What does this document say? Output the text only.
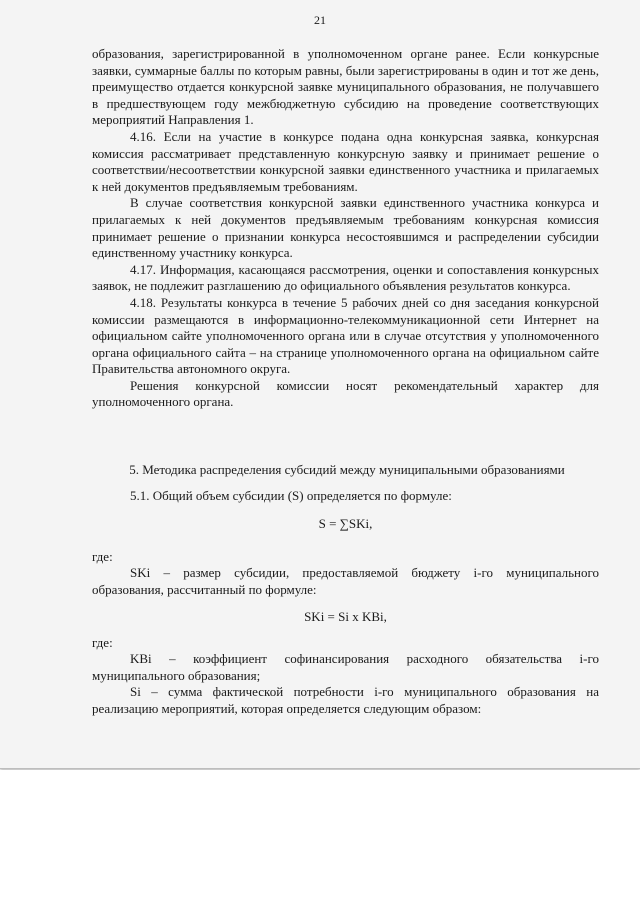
21

образования, зарегистрированной в уполномоченном органе ранее. Если конкурсные заявки, суммарные баллы по которым равны, были зарегистрированы в один и тот же день, преимущество отдается конкурсной заявке муниципального образования, не получавшего в предшествующем году межбюджетную субсидию на проведение соответствующих мероприятий Направления 1.

4.16. Если на участие в конкурсе подана одна конкурсная заявка, конкурсная комиссия рассматривает представленную конкурсную заявку и принимает решение о соответствии/несоответствии конкурсной заявки единственного участника и прилагаемых к ней документов предъявляемым требованиям.

В случае соответствия конкурсной заявки единственного участника конкурса и прилагаемых к ней документов предъявляемым требованиям конкурсная комиссия принимает решение о признании конкурса несостоявшимся и распределении субсидии единственному участнику конкурса.

4.17. Информация, касающаяся рассмотрения, оценки и сопоставления конкурсных заявок, не подлежит разглашению до официального объявления результатов конкурса.

4.18. Результаты конкурса в течение 5 рабочих дней со дня заседания конкурсной комиссии размещаются в информационно-телекоммуникационной сети Интернет на официальном сайте уполномоченного органа или в случае отсутствия у уполномоченного органа официального сайта – на странице уполномоченного органа на официальном сайте Правительства автономного округа.

Решения конкурсной комиссии носят рекомендательный характер для уполномоченного органа.

5. Методика распределения субсидий между муниципальными образованиями

5.1. Общий объем субсидии (S) определяется по формуле:

S = ∑SKi,
где:

SKi – размер субсидии, предоставляемой бюджету i-го муниципального образования, рассчитанный по формуле:

SKi = Si x KBi,
где:

KBi – коэффициент софинансирования расходного обязательства i-го муниципального образования;

Si – сумма фактической потребности i-го муниципального образования на реализацию мероприятий, которая определяется следующим образом:
